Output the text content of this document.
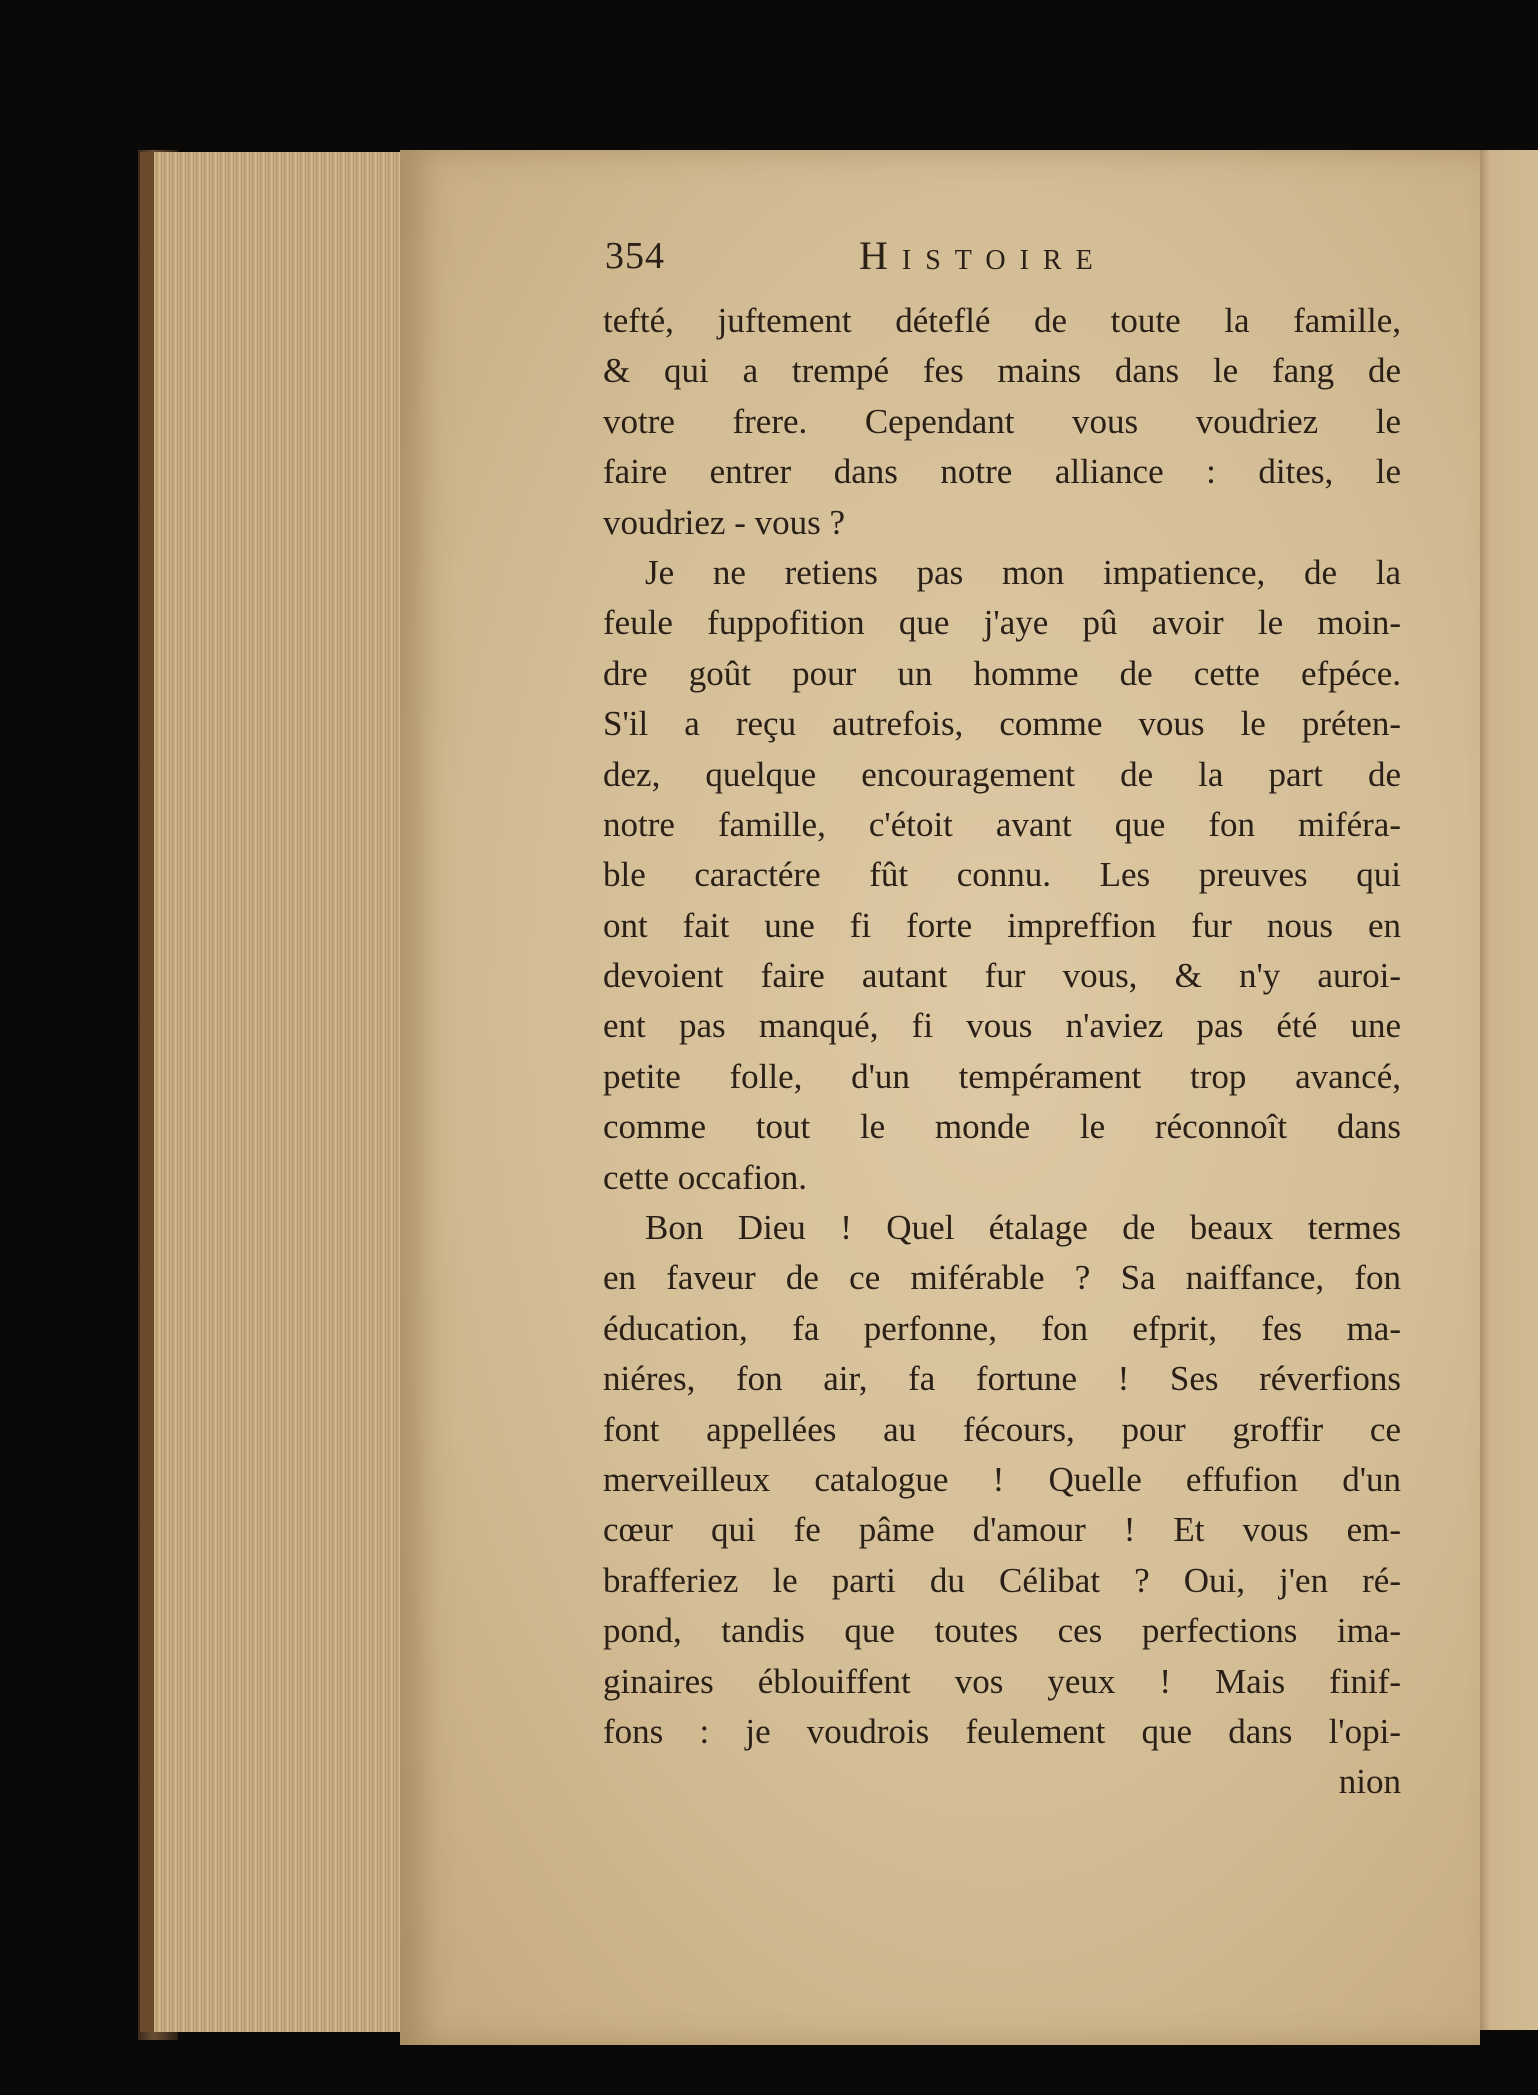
354	Histoire
tefté, juftement déteflé de toute la famille,
& qui a trempé fes mains dans le fang de
votre frere. Cependant vous voudriez le
faire entrer dans notre alliance : dites, le
voudriez - vous ?
Je ne retiens pas mon impatience, de la
feule fuppofition que j'aye pû avoir le moin-
dre goût pour un homme de cette efpéce.
S'il a reçu autrefois, comme vous le préten-
dez, quelque encouragement de la part de
notre famille, c'étoit avant que fon miféra-
ble caractére fût connu. Les preuves qui
ont fait une fi forte impreffion fur nous en
devoient faire autant fur vous, & n'y auroi-
ent pas manqué, fi vous n'aviez pas été une
petite folle, d'un tempérament trop avancé,
comme tout le monde le réconnoît dans
cette occafion.
Bon Dieu ! Quel étalage de beaux termes
en faveur de ce miférable ? Sa naiffance, fon
éducation, fa perfonne, fon efprit, fes ma-
niéres, fon air, fa fortune ! Ses réverfions
font appellées au fécours, pour groffir ce
merveilleux catalogue ! Quelle effufion d'un
cœur qui fe pâme d'amour ! Et vous em-
brafferiez le parti du Célibat ? Oui, j'en ré-
pond, tandis que toutes ces perfections ima-
ginaires éblouiffent vos yeux ! Mais finif-
fons : je voudrois feulement que dans l'opi-
nion
